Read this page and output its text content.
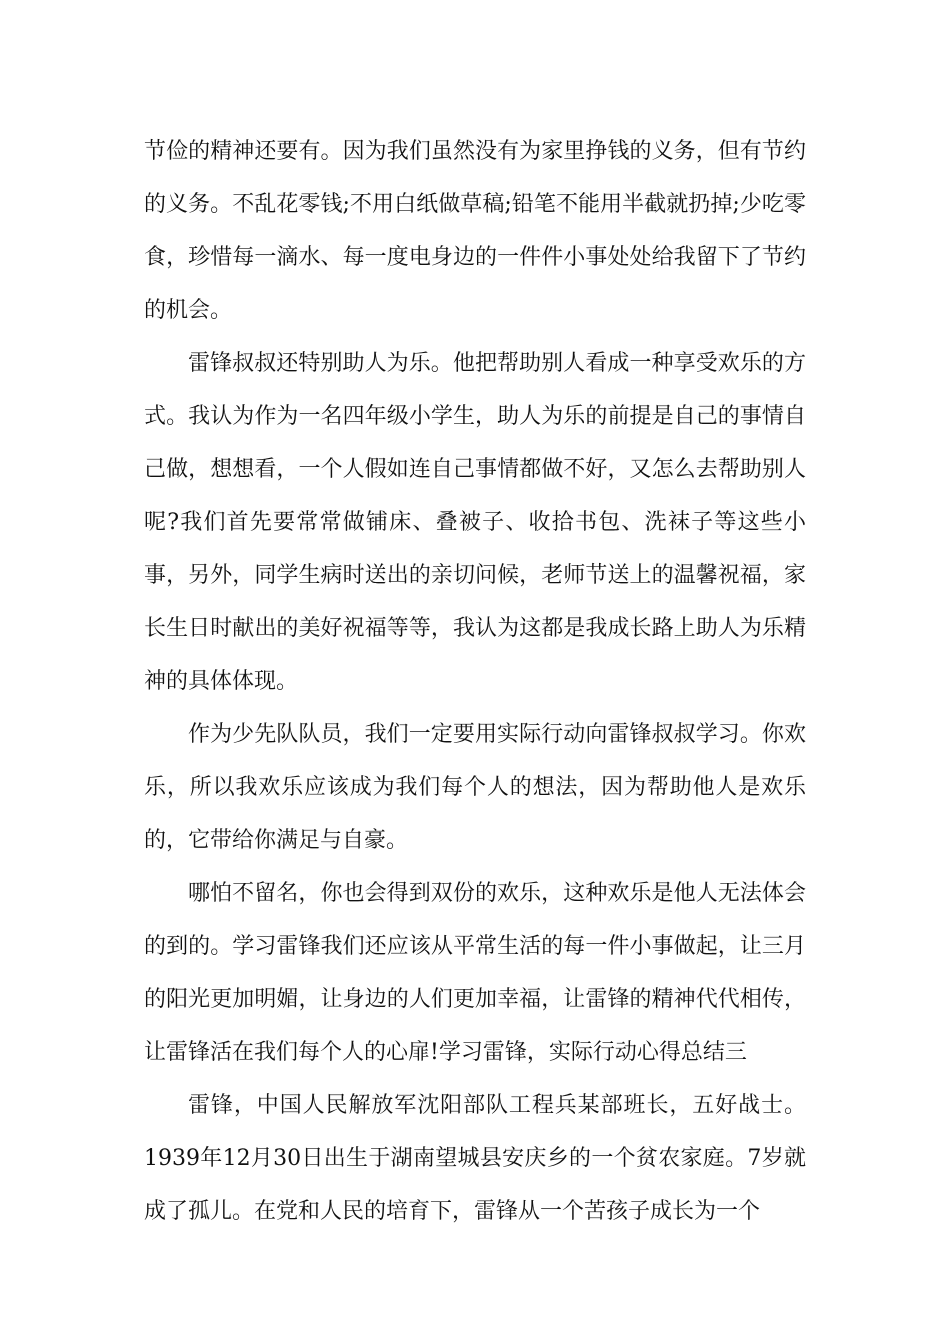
节俭的精神还要有。因为我们虽然没有为家里挣钱的义务，但有节约的义务。不乱花零钱;不用白纸做草稿;铅笔不能用半截就扔掉;少吃零食，珍惜每一滴水、每一度电身边的一件件小事处处给我留下了节约的机会。

雷锋叔叔还特别助人为乐。他把帮助别人看成一种享受欢乐的方式。我认为作为一名四年级小学生，助人为乐的前提是自己的事情自己做，想想看，一个人假如连自己事情都做不好，又怎么去帮助别人呢?我们首先要常常做铺床、叠被子、收拾书包、洗袜子等这些小事，另外，同学生病时送出的亲切问候，老师节送上的温馨祝福，家长生日时献出的美好祝福等等，我认为这都是我成长路上助人为乐精神的具体体现。

作为少先队队员，我们一定要用实际行动向雷锋叔叔学习。你欢乐，所以我欢乐应该成为我们每个人的想法，因为帮助他人是欢乐的，它带给你满足与自豪。

哪怕不留名，你也会得到双份的欢乐，这种欢乐是他人无法体会的到的。学习雷锋我们还应该从平常生活的每一件小事做起，让三月的阳光更加明媚，让身边的人们更加幸福，让雷锋的精神代代相传，让雷锋活在我们每个人的心扉!学习雷锋，实际行动心得总结三

雷锋，中国人民解放军沈阳部队工程兵某部班长，五好战士。1939年12月30日出生于湖南望城县安庆乡的一个贫农家庭。7岁就成了孤儿。在党和人民的培育下，雷锋从一个苦孩子成长为一个
